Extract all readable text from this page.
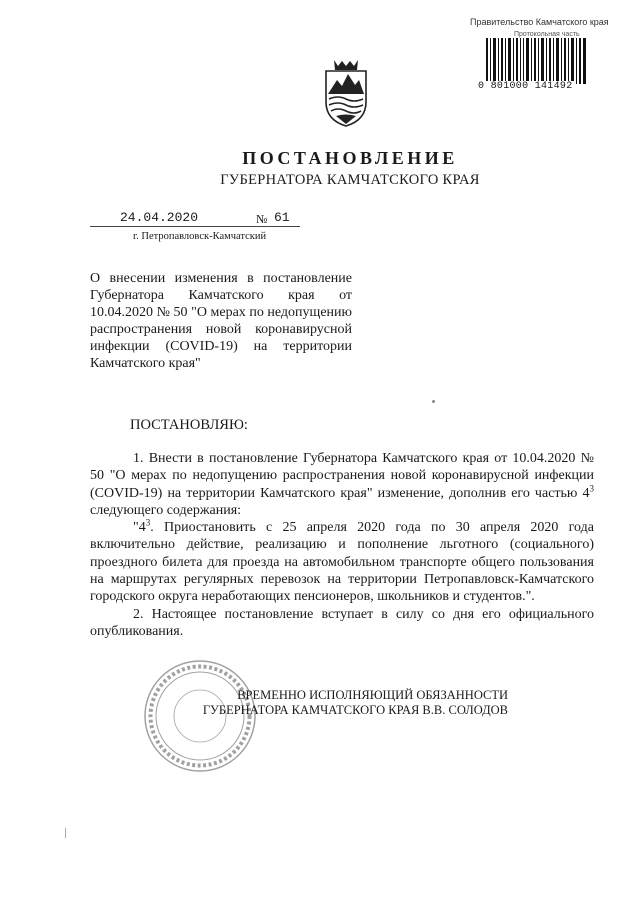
Правительство Камчатского края
Протокольная часть
0 801000 141492
ПОСТАНОВЛЕНИЕ
ГУБЕРНАТОРА КАМЧАТСКОГО КРАЯ
24.04.2020	№ 61
г. Петропавловск-Камчатский
О внесении изменения в постановление Губернатора Камчатского края от 10.04.2020 № 50 "О мерах по недопущению распространения новой коронавирусной инфекции (COVID-19) на территории Камчатского края"
ПОСТАНОВЛЯЮ:

1. Внести в постановление Губернатора Камчатского края от 10.04.2020 № 50 "О мерах по недопущению распространения новой коронавирусной инфекции (COVID-19) на территории Камчатского края" изменение, дополнив его частью $4^3$ следующего содержания:

"$4^3$. Приостановить с 25 апреля 2020 года по 30 апреля 2020 года включительно действие, реализацию и пополнение льготного (социального) проездного билета для проезда на автомобильном транспорте общего пользования на маршрутах регулярных перевозок на территории Петропавловск-Камчатского городского округа неработающих пенсионеров, школьников и студентов.".

2. Настоящее постановление вступает в силу со дня его официального опубликования.

ВРЕМЕННО ИСПОЛНЯЮЩИЙ ОБЯЗАННОСТИ
ГУБЕРНАТОРА КАМЧАТСКОГО КРАЯ В.В. СОЛОДОВ
